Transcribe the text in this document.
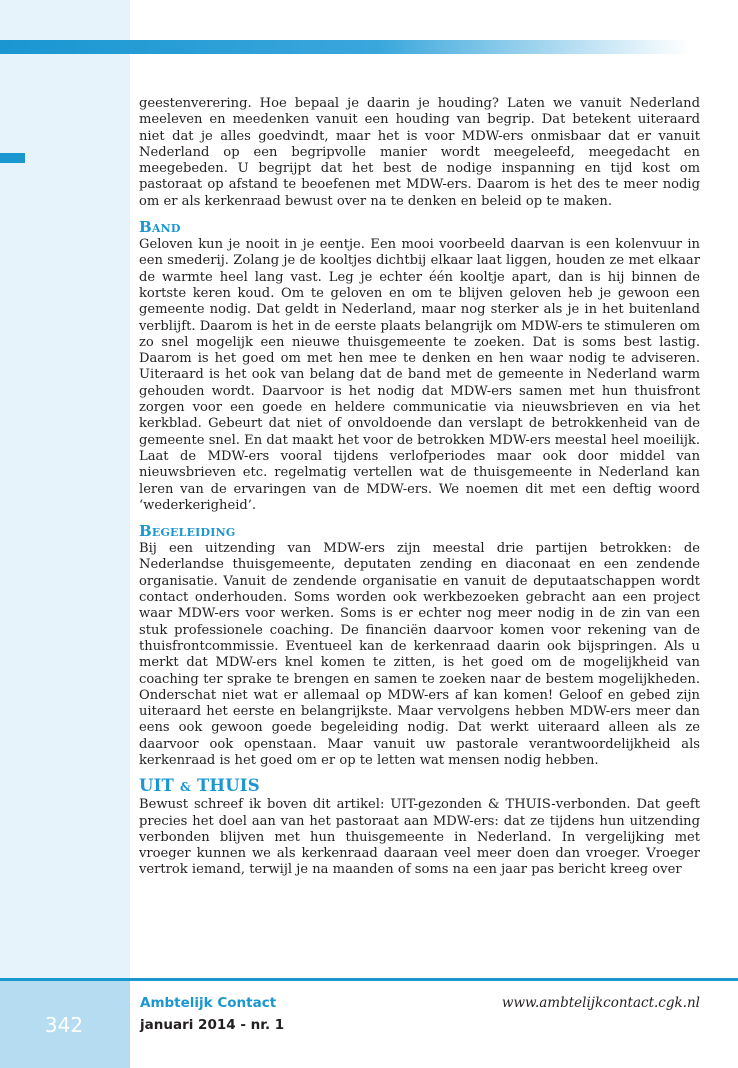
geestenverering. Hoe bepaal je daarin je houding? Laten we vanuit Nederland meeleven en meedenken vanuit een houding van begrip. Dat betekent uiteraard niet dat je alles goedvindt, maar het is voor MDW-ers onmisbaar dat er vanuit Nederland op een begripvolle manier wordt meegeleefd, meegedacht en meegebeden. U begrijpt dat het best de nodige inspanning en tijd kost om pastoraat op afstand te beoefenen met MDW-ers. Daarom is het des te meer nodig om er als kerkenraad bewust over na te denken en beleid op te maken.

Band

Geloven kun je nooit in je eentje. Een mooi voorbeeld daarvan is een kolenvuur in een smederij. Zolang je de kooltjes dichtbij elkaar laat liggen, houden ze met elkaar de warmte heel lang vast. Leg je echter één kooltje apart, dan is hij binnen de kortste keren koud. Om te geloven en om te blijven geloven heb je gewoon een gemeente nodig. Dat geldt in Nederland, maar nog sterker als je in het buitenland verblijft. Daarom is het in de eerste plaats belangrijk om MDW-ers te stimuleren om zo snel mogelijk een nieuwe thuisgemeente te zoeken. Dat is soms best lastig. Daarom is het goed om met hen mee te denken en hen waar nodig te adviseren. Uiteraard is het ook van belang dat de band met de gemeente in Nederland warm gehouden wordt. Daarvoor is het nodig dat MDW-ers samen met hun thuisfront zorgen voor een goede en heldere communicatie via nieuwsbrieven en via het kerkblad. Gebeurt dat niet of onvoldoende dan verslapt de betrokkenheid van de gemeente snel. En dat maakt het voor de betrokken MDW-ers meestal heel moeilijk. Laat de MDW-ers vooral tijdens verlofperiodes maar ook door middel van nieuwsbrieven etc. regelmatig vertellen wat de thuisgemeente in Nederland kan leren van de ervaringen van de MDW-ers. We noemen dit met een deftig woord ‘wederkerigheid’.

Begeleiding

Bij een uitzending van MDW-ers zijn meestal drie partijen betrokken: de Nederlandse thuisgemeente, deputaten zending en diaconaat en een zendende organisatie. Vanuit de zendende organisatie en vanuit de deputaatschappen wordt contact onderhouden. Soms worden ook werkbezoeken gebracht aan een project waar MDW-ers voor werken. Soms is er echter nog meer nodig in de zin van een stuk professionele coaching. De financiën daarvoor komen voor rekening van de thuisfrontcommissie. Eventueel kan de kerkenraad daarin ook bijspringen. Als u merkt dat MDW-ers knel komen te zitten, is het goed om de mogelijkheid van coaching ter sprake te brengen en samen te zoeken naar de bestem mogelijkheden. Onderschat niet wat er allemaal op MDW-ers af kan komen! Geloof en gebed zijn uiteraard het eerste en belangrijkste. Maar vervolgens hebben MDW-ers meer dan eens ook gewoon goede begeleiding nodig. Dat werkt uiteraard alleen als ze daarvoor ook openstaan. Maar vanuit uw pastorale verantwoordelijkheid als kerkenraad is het goed om er op te letten wat mensen nodig hebben.

UIT & THUIS

Bewust schreef ik boven dit artikel: UIT-gezonden & THUIS-verbonden. Dat geeft precies het doel aan van het pastoraat aan MDW-ers: dat ze tijdens hun uitzending verbonden blijven met hun thuisgemeente in Nederland. In vergelijking met vroeger kunnen we als kerkenraad daaraan veel meer doen dan vroeger. Vroeger vertrok iemand, terwijl je na maanden of soms na een jaar pas bericht kreeg over

342
Ambtelijk Contact
januari 2014 - nr. 1
www.ambtelijkcontact.cgk.nl
